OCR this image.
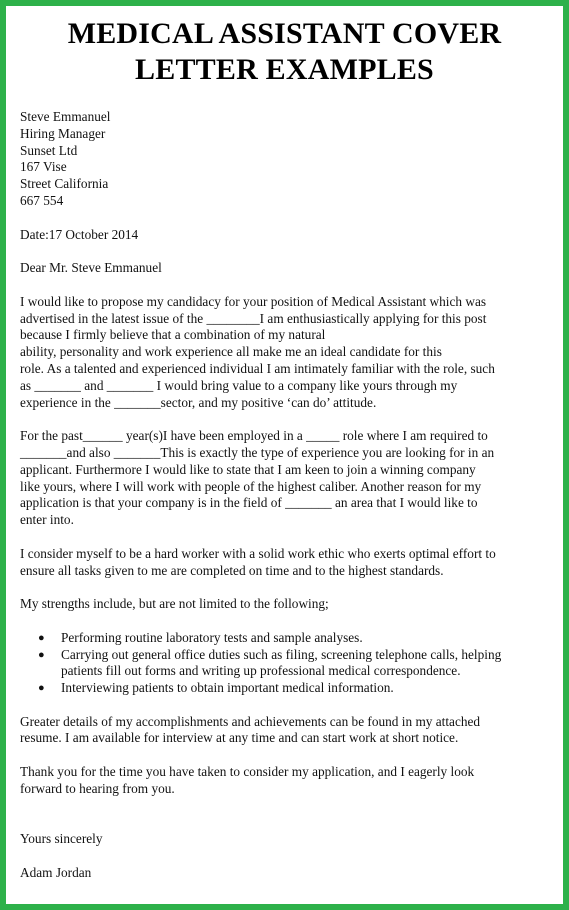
MEDICAL ASSISTANT COVER
LETTER EXAMPLES
Steve Emmanuel
Hiring Manager
Sunset Ltd
167 Vise
Street California
667 554
Date:17 October 2014
Dear Mr. Steve Emmanuel

I would like to propose my candidacy for your position of Medical Assistant which was
advertised in the latest issue of the ________I am enthusiastically applying for this post
because I firmly believe that a combination of my natural
ability, personality and work experience all make me an ideal candidate for this
role. As a talented and experienced individual I am intimately familiar with the role, such
as _______ and _______ I would bring value to a company like yours through my
experience in the _______sector, and my positive ‘can do’ attitude.

For the past______ year(s)I have been employed in a _____ role where I am required to
_______and also _______This is exactly the type of experience you are looking for in an
applicant. Furthermore I would like to state that I am keen to join a winning company
like yours, where I will work with people of the highest caliber. Another reason for my
application is that your company is in the field of _______ an area that I would like to
enter into.

I consider myself to be a hard worker with a solid work ethic who exerts optimal effort to
ensure all tasks given to me are completed on time and to the highest standards.

My strengths include, but are not limited to the following;

● Performing routine laboratory tests and sample analyses.
● Carrying out general office duties such as filing, screening telephone calls, helping
patients fill out forms and writing up professional medical correspondence.
● Interviewing patients to obtain important medical information.

Greater details of my accomplishments and achievements can be found in my attached
resume. I am available for interview at any time and can start work at short notice.

Thank you for the time you have taken to consider my application, and I eagerly look
forward to hearing from you.

Yours sincerely
Adam Jordan
